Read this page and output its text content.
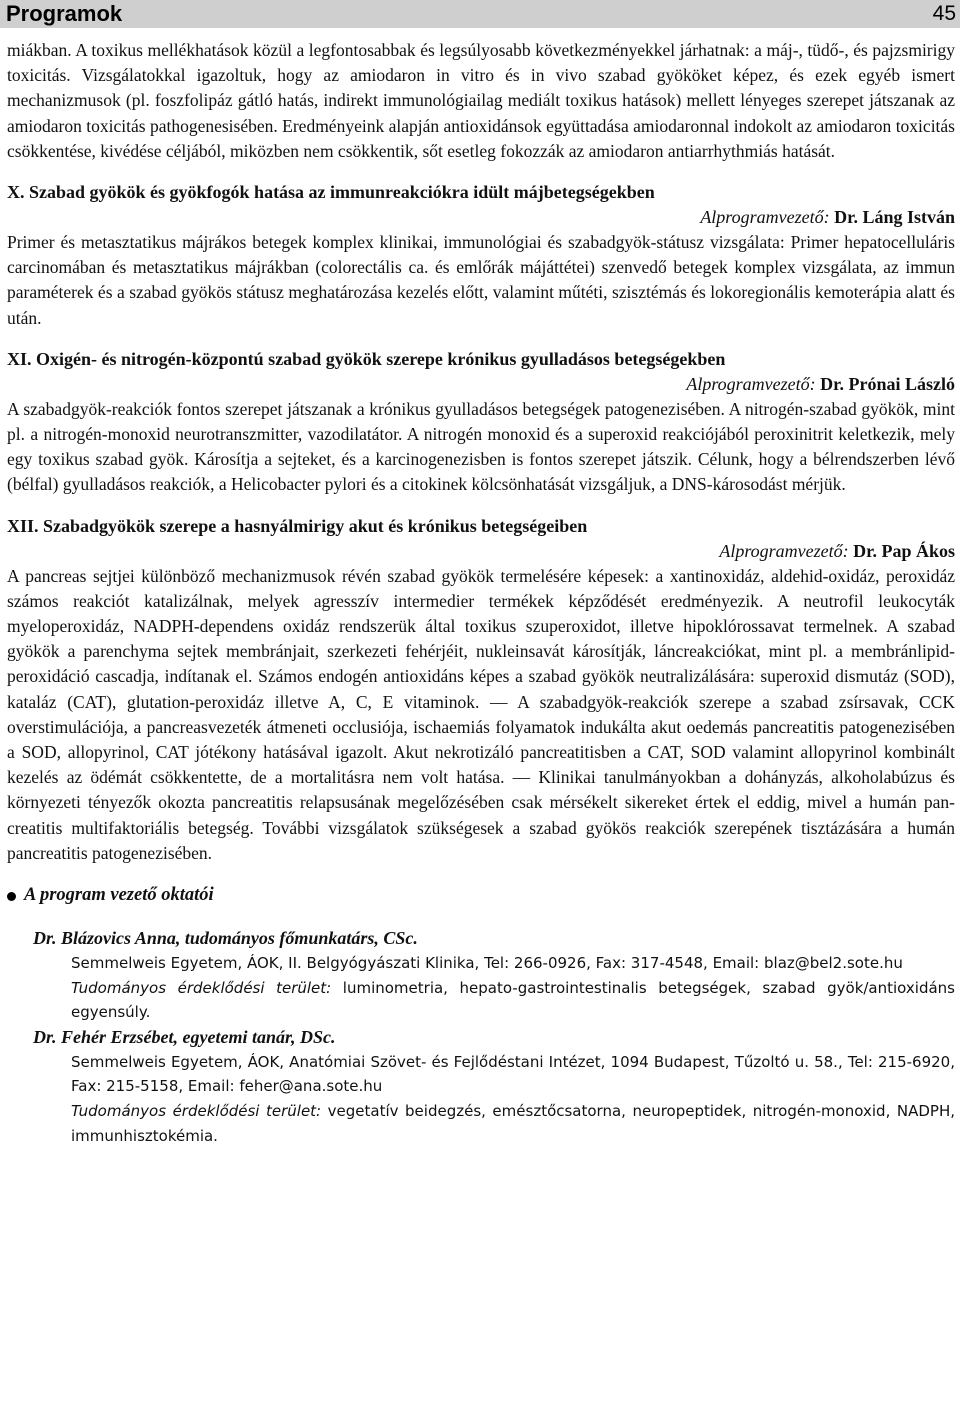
Programok	45

miákban. A toxikus mellékhatások közül a legfontosabbak és legsúlyosabb következményekkel járhatnak: a máj-, tüdő-, és pajzsmirigy toxicitás. Vizsgálatokkal igazoltuk, hogy az amiodaron in vitro és in vivo szabad gyököket képez, és ezek egyéb ismert mechanizmusok (pl. foszfolipáz gátló hatás, indirekt immunológiailag mediált toxikus hatások) mellett lényeges szerepet játszanak az amiodaron toxicitás pathogenesisében. Eredményeink alapján antioxidánsok együttadása amiodaronnal indokolt az amiodaron toxicitás csökkentése, kivédése céljából, miközben nem csökkentik, sőt esetleg fokozzák az amiodaron antiarrhythmiás hatását.

X. Szabad gyökök és gyökfogók hatása az immunreakciókra idült májbetegségekben

Alprogramvezető: Dr. Láng István

Primer és metasztatikus májrákos betegek komplex klinikai, immunológiai és szabadgyök-státusz vizsgálata: Primer hepatocelluláris carcinomában és metasztatikus májrákban (colorectális ca. és emlőrák májáttétei) szenvedő betegek komplex vizsgálata, az immun paraméterek és a szabad gyökös státusz meghatározása kezelés előtt, valamint műtéti, szisztémás és lokoregionális kemoterápia alatt és után.

XI. Oxigén- és nitrogén-központú szabad gyökök szerepe krónikus gyulladásos betegségekben

Alprogramvezető: Dr. Prónai László

A szabadgyök-reakciók fontos szerepet játszanak a krónikus gyulladásos betegségek patogenezisében. A nitrogén-szabad gyökök, mint pl. a nitrogén-monoxid neurotranszmitter, vazodilatátor. A nitrogén monoxid és a superoxid reakciójából peroxinitrit keletkezik, mely egy toxikus szabad gyök. Károsítja a sejteket, és a karcinogenezisben is fontos szerepet játszik. Célunk, hogy a bélrendszerben lévő (bélfal) gyulladásos reakciók, a Helicobacter pylori és a citokinek kölcsönhatását vizsgáljuk, a DNS-károsodást mérjük.

XII. Szabadgyökök szerepe a hasnyálmirigy akut és krónikus betegségeiben

Alprogramvezető: Dr. Pap Ákos

A pancreas sejtjei különböző mechanizmusok révén szabad gyökök termelésére képesek: a xantinoxidáz, aldehid-oxidáz, peroxidáz számos reakciót katalizálnak, melyek agresszív intermedier termékek képződését eredményezik. A neutrofil leukocyták myeloperoxidáz, NADPH-dependens oxidáz rendszerük által toxikus szuperoxidot, illetve hipoklórossavat termelnek. A szabad gyökök a parenchyma sejtek membránjait, szerkezeti fehérjéit, nukleinsavát károsítják, láncreakciókat, mint pl. a membránlipid-peroxidáció cascadja, indítanak el. Számos endogén antioxidáns képes a szabad gyökök neutralizálására: superoxid dismutáz (SOD), kataláz (CAT), glutation-peroxidáz illetve A, C, E vitaminok. — A szabadgyök-reakciók szerepe a szabad zsírsavak, CCK overstimulációja, a pancreasvezeték átmeneti occlusiója, ischaemiás folyamatok indukálta akut oedemás pancreatitis patogenezisében a SOD, allopyrinol, CAT jótékony hatásával igazolt. Akut nekrotizáló pancreatitisben a CAT, SOD valamint allopyrinol kombinált kezelés az ödémát csökkentette, de a mortalitásra nem volt hatása. — Klinikai tanulmányokban a dohányzás, alkoholabúzus és környezeti tényezők okozta pancreatitis relapsusának megelőzésében csak mérsékelt sikereket értek el eddig, mivel a humán pancreatitis multifaktoriális betegség. További vizsgálatok szükségesek a szabad gyökös reakciók szerepének tisztázására a humán pancreatitis patogenezisében.

A program vezető oktatói

Dr. Blázovics Anna, tudományos főmunkatárs, CSc.

Semmelweis Egyetem, ÁOK, II. Belgyógyászati Klinika, Tel: 266-0926, Fax: 317-4548, Email: blaz@bel2.sote.hu

Tudományos érdeklődési terület: luminometria, hepato-gastrointestinalis betegségek, szabad gyök/antioxidáns egyensúly.

Dr. Fehér Erzsébet, egyetemi tanár, DSc.

Semmelweis Egyetem, ÁOK, Anatómiai Szövet- és Fejlődéstani Intézet, 1094 Budapest, Tűzoltó u. 58., Tel: 215-6920, Fax: 215-5158, Email: feher@ana.sote.hu

Tudományos érdeklődési terület: vegetatív beidegzés, emésztőcsatorna, neuropeptidek, nitrogén-monoxid, NADPH, immunhisztokémia.
